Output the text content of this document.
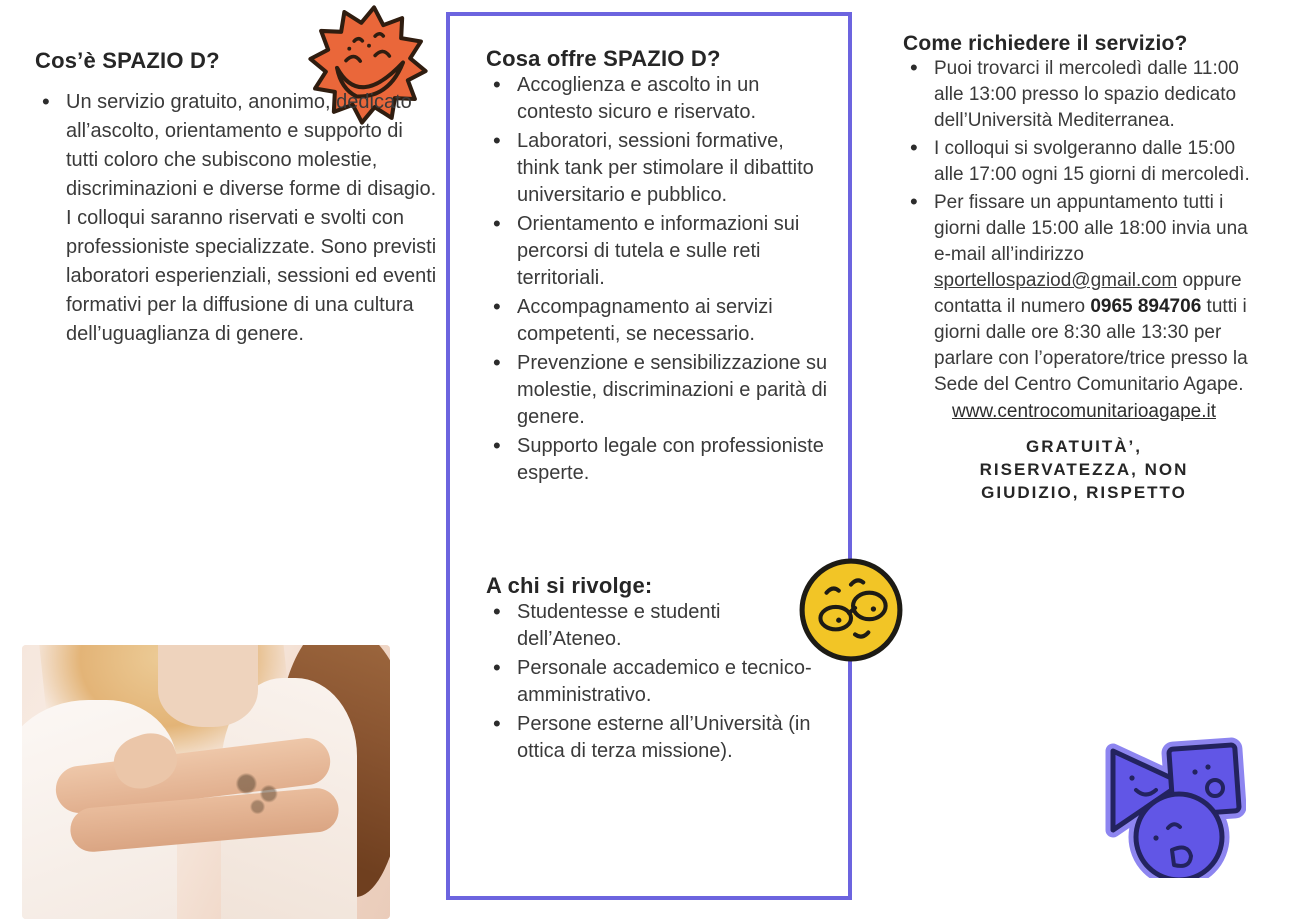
Cos’è SPAZIO D?
• Un servizio gratuito, anonimo, dedicato all’ascolto, orientamento e supporto di tutti coloro che subiscono molestie, discriminazioni e diverse forme di disagio. I colloqui saranno riservati e svolti con professioniste specializzate. Sono previsti laboratori esperienziali, sessioni ed eventi formativi per la diffusione di una cultura dell’uguaglianza di genere.
Cosa offre SPAZIO D?
• Accoglienza e ascolto in un contesto sicuro e riservato.
• Laboratori, sessioni formative, think tank per stimolare il dibattito universitario e pubblico.
• Orientamento e informazioni sui percorsi di tutela e sulle reti territoriali.
• Accompagnamento ai servizi competenti, se necessario.
• Prevenzione e sensibilizzazione su molestie, discriminazioni e parità di genere.
• Supporto legale con professioniste esperte.
A chi si rivolge:
• Studentesse e studenti dell’Ateneo.
• Personale accademico e tecnico-amministrativo.
• Persone esterne all’Università (in ottica di terza missione).
Come richiedere il servizio?
• Puoi trovarci il mercoledì dalle 11:00 alle 13:00 presso lo spazio dedicato dell’Università Mediterranea.
• I colloqui si svolgeranno dalle 15:00 alle 17:00 ogni 15 giorni di mercoledì.
• Per fissare un appuntamento tutti i giorni dalle 15:00 alle 18:00 invia una e-mail all’indirizzo sportellospaziod@gmail.com oppure contatta il numero 0965 894706 tutti i giorni dalle ore 8:30 alle 13:30 per parlare con l’operatore/trice presso la Sede del Centro Comunitario Agape.
www.centrocomunitarioagape.it
GRATUITÀ’,
RISERVATEZZA, NON
GIUDIZIO, RISPETTO
